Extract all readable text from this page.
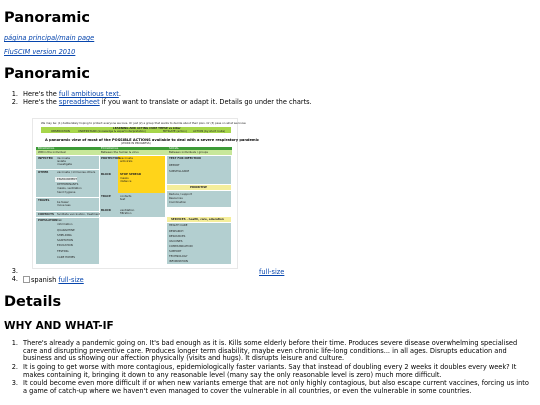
Panoramic
página principal/main page
FluSCIM version 2010
Panoramic
1. Here's the full ambitious text.
2. Here's the spreadsheet if you want to translate or adapt it. Details go under the charts.
We may be: (1) deliberately hoping to protect everyone we love. Or just (2) a group that wants to decide about their plan. Or (3) pass on what we know.
LEARNING AND ACTING CURE THESE vs killer
OBSERVATION	UNDERSTAND (knowledge & expert interpretation)	MITIGATE (action) ACTION (by short route)
A panoramic view of most of the POSSIBLE ACTIONS available to deal with a severe respiratory pandemic
(WORK IN PROGRESS)
BIOLOGICAL
Within the individual
ECOLOGICAL
Between the human & virus
SOCIAL
Between individuals / groups
INFECTED
OTHER
TRAVEL
CONTACTS
POPULATION
Vaccinate
isolate
investigate
vaccinate / immunise others
ENVIRONMENT
DETERMINANTS
masks, ventilation
hand hygiene
be fewer
move less
facilitate vaccination, treatment
risk
information
QUARANTINE
SHIELDING
SANITATION
EDUCATION
TESTING
CARE HOMES
PROTECTION vaccinate
antivirals
BLOCK	STOP SPREAD
masks
distance
TRACE	contacts
test
BLOCK	ventilation
filtration
TEST FOR INFECTION
REPORT
SURVEILLANCE
PRIORITISE
Reduce / support
Resources
Coordination
SERVICES - health, care, education
HEALTH CARE
RESEARCH
RESOURCES
VACCINES
COMMUNICATION
SUPPORT
TECHNOLOGY
INFORMATION
3.	full-size
4.	spanish full-size
Details
WHY AND WHAT-IF
1. There's already a pandemic going on. It's bad enough as it is. Kills some elderly before their time. Produces severe disease overwhelming specialised care and disrupting preventive care. Produces longer term disability, maybe even chronic life-long conditions... in all ages. Disrupts education and business and us showing our affection physically (visits and hugs). It disrupts leisure and culture.
2. It is going to get worse with more contagious, epidemiologically faster variants. Say that instead of doubling every 2 weeks it doubles every week? It makes containing it, bringing it down to any reasonable level (many say the only reasonable level is zero) much more difficult.
3. It could become even more difficult if or when new variants emerge that are not only highly contagious, but also escape current vaccines, forcing us into a game of catch-up where we haven't even managed to cover the vulnerable in all countries, or even the vulnerable in some countries.
